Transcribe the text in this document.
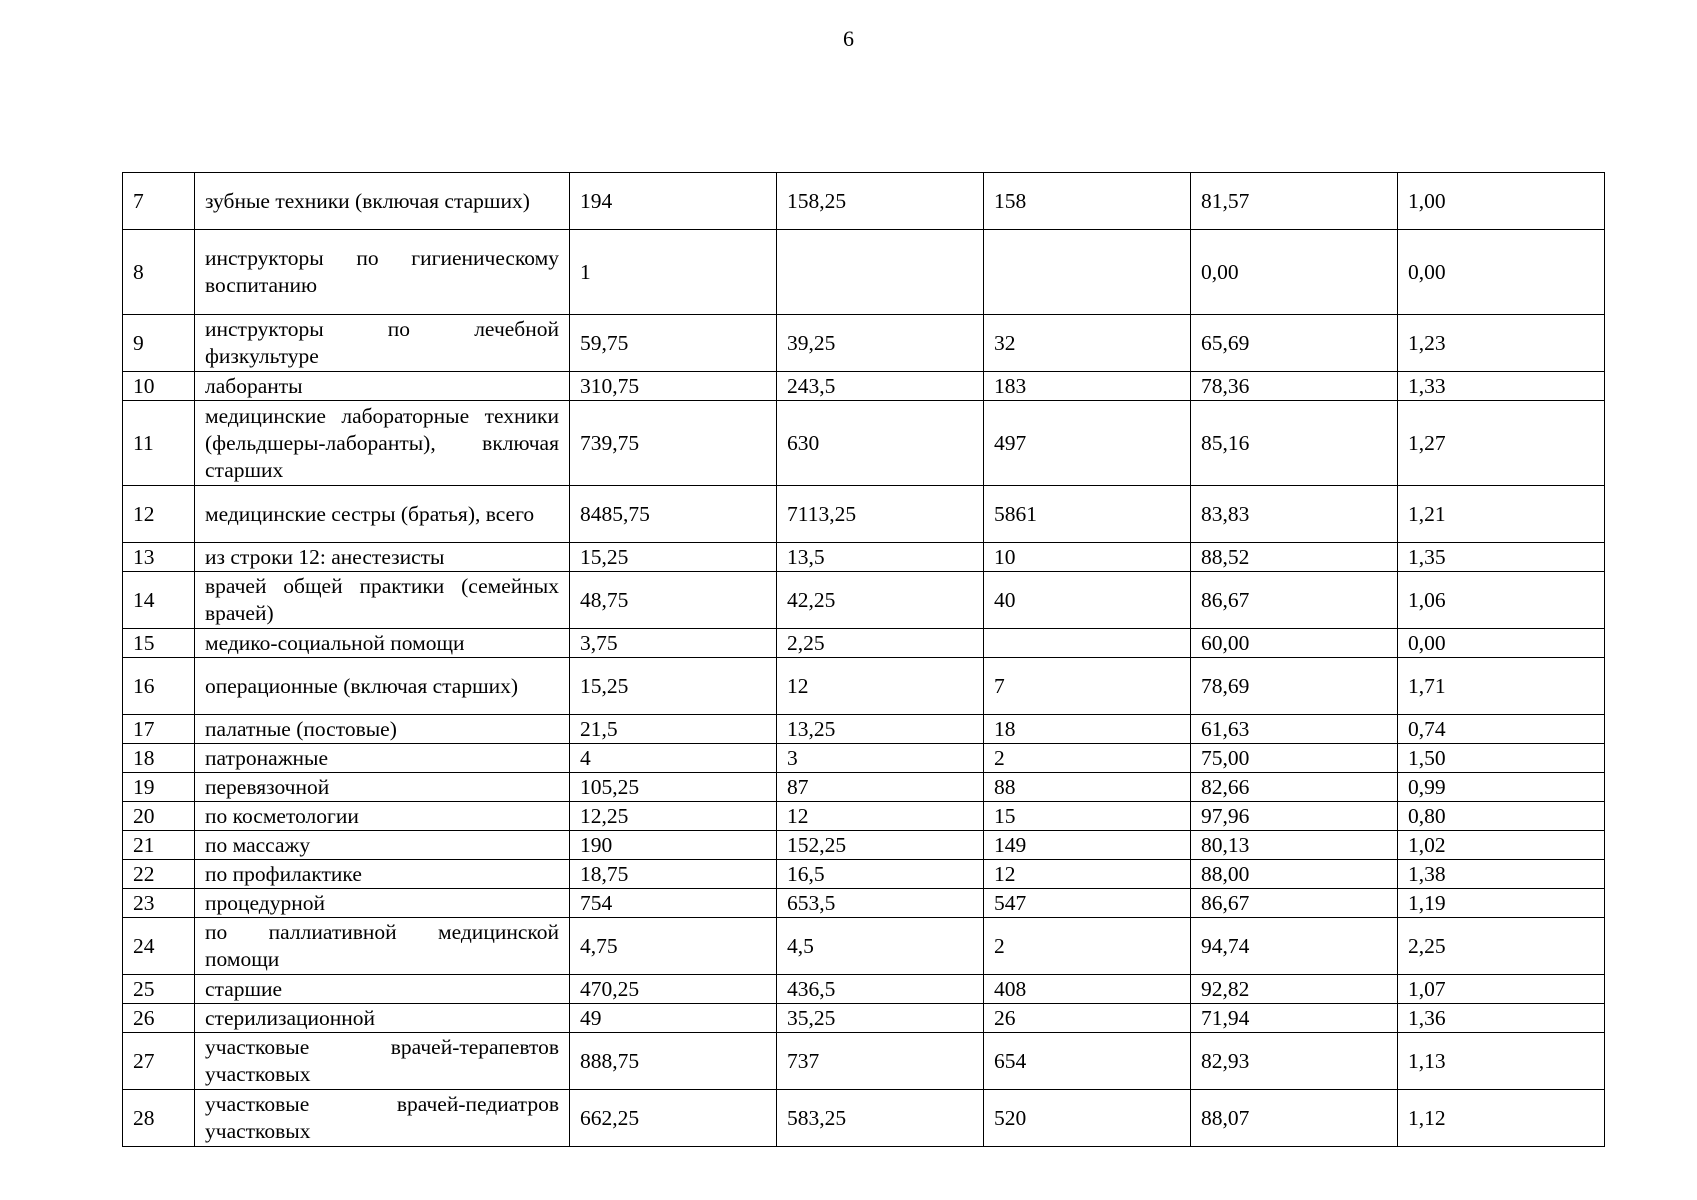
6
7	зубные техники (включая старших)	194	158,25	158	81,57	1,00
8	инструкторы по гигиеническому воспитанию	1			0,00	0,00
9	инструкторы по лечебной физкультуре	59,75	39,25	32	65,69	1,23
10	лаборанты	310,75	243,5	183	78,36	1,33
11	медицинские лабораторные техники (фельдшеры-лаборанты), включая старших	739,75	630	497	85,16	1,27
12	медицинские сестры (братья), всего	8485,75	7113,25	5861	83,83	1,21
13	из строки 12: анестезисты	15,25	13,5	10	88,52	1,35
14	врачей общей практики (семейных врачей)	48,75	42,25	40	86,67	1,06
15	медико-социальной помощи	3,75	2,25		60,00	0,00
16	операционные (включая старших)	15,25	12	7	78,69	1,71
17	палатные (постовые)	21,5	13,25	18	61,63	0,74
18	патронажные	4	3	2	75,00	1,50
19	перевязочной	105,25	87	88	82,66	0,99
20	по косметологии	12,25	12	15	97,96	0,80
21	по массажу	190	152,25	149	80,13	1,02
22	по профилактике	18,75	16,5	12	88,00	1,38
23	процедурной	754	653,5	547	86,67	1,19
24	по паллиативной медицинской помощи	4,75	4,5	2	94,74	2,25
25	старшие	470,25	436,5	408	92,82	1,07
26	стерилизационной	49	35,25	26	71,94	1,36
27	участковые врачей-терапевтов участковых	888,75	737	654	82,93	1,13
28	участковые врачей-педиатров участковых	662,25	583,25	520	88,07	1,12
